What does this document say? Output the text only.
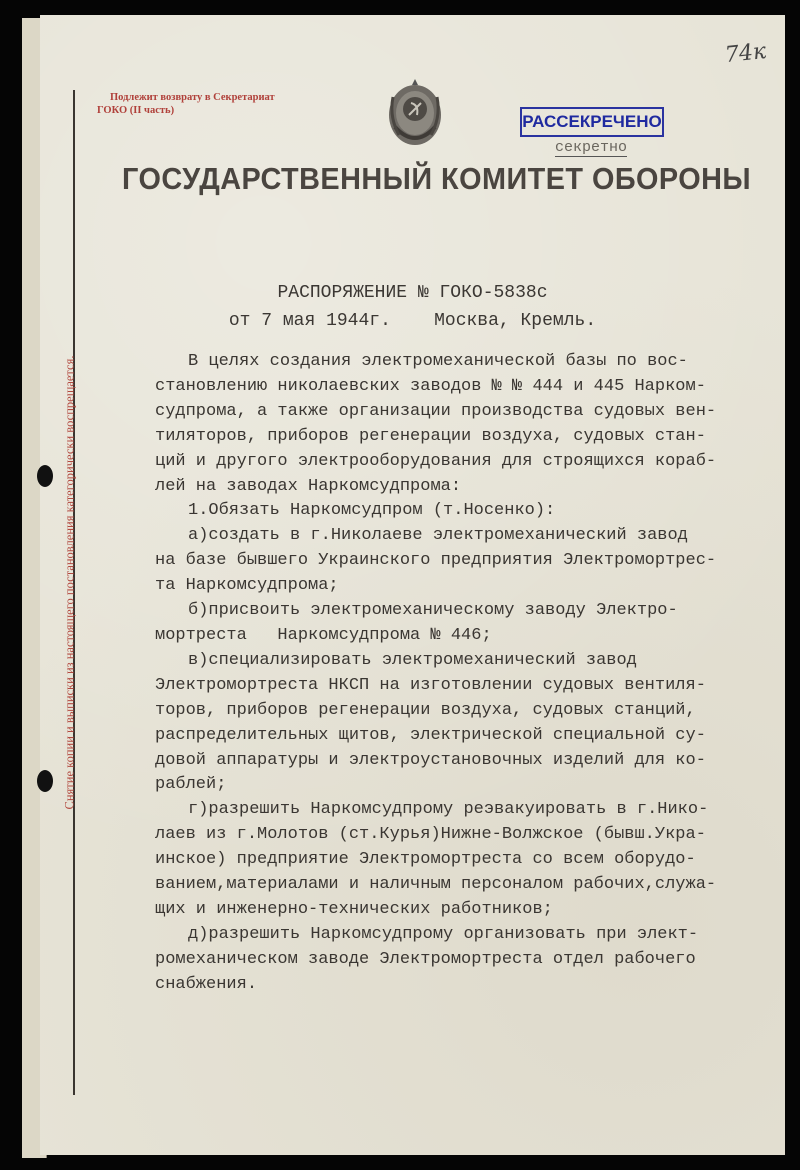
Снятие копии и выписки из настоящего постановления категорически воспрещается.
74к
Подлежит возврату в Секретариат
ГОКО (II часть)
РАССЕКРЕЧЕНО
секретно
ГОСУДАРСТВЕННЫЙ КОМИТЕТ ОБОРОНЫ
РАСПОРЯЖЕНИЕ № ГОКО-5838с
от 7 мая 1944г.    Москва, Кремль.
В целях создания электромеханической базы по вос-
становлению николаевских заводов № № 444 и 445 Нарком-
судпрома, а также организации производства судовых вен-
тиляторов, приборов регенерации воздуха, судовых стан-
ций и другого электрооборудования для строящихся кораб-
лей на заводах Наркомсудпрома:
1.Обязать Наркомсудпром (т.Носенко):
а)создать в г.Николаеве электромеханический завод
на базе бывшего Украинского предприятия Электромортрес-
та Наркомсудпрома;
б)присвоить электромеханическому заводу Электро-
мортреста   Наркомсудпрома № 446;
в)специализировать электромеханический завод
Электромортреста НКСП на изготовлении судовых вентиля-
торов, приборов регенерации воздуха, судовых станций,
распределительных щитов, электрической специальной су-
довой аппаратуры и электроустановочных изделий для ко-
раблей;
г)разрешить Наркомсудпрому реэвакуировать в г.Нико-
лаев из г.Молотов (ст.Курья)Нижне-Волжское (бывш.Укра-
инское) предприятие Электромортреста со всем оборудо-
ванием,материалами и наличным персоналом рабочих,служа-
щих и инженерно-технических работников;
д)разрешить Наркомсудпрому организовать при элект-
ромеханическом заводе Электромортреста отдел рабочего
снабжения.
